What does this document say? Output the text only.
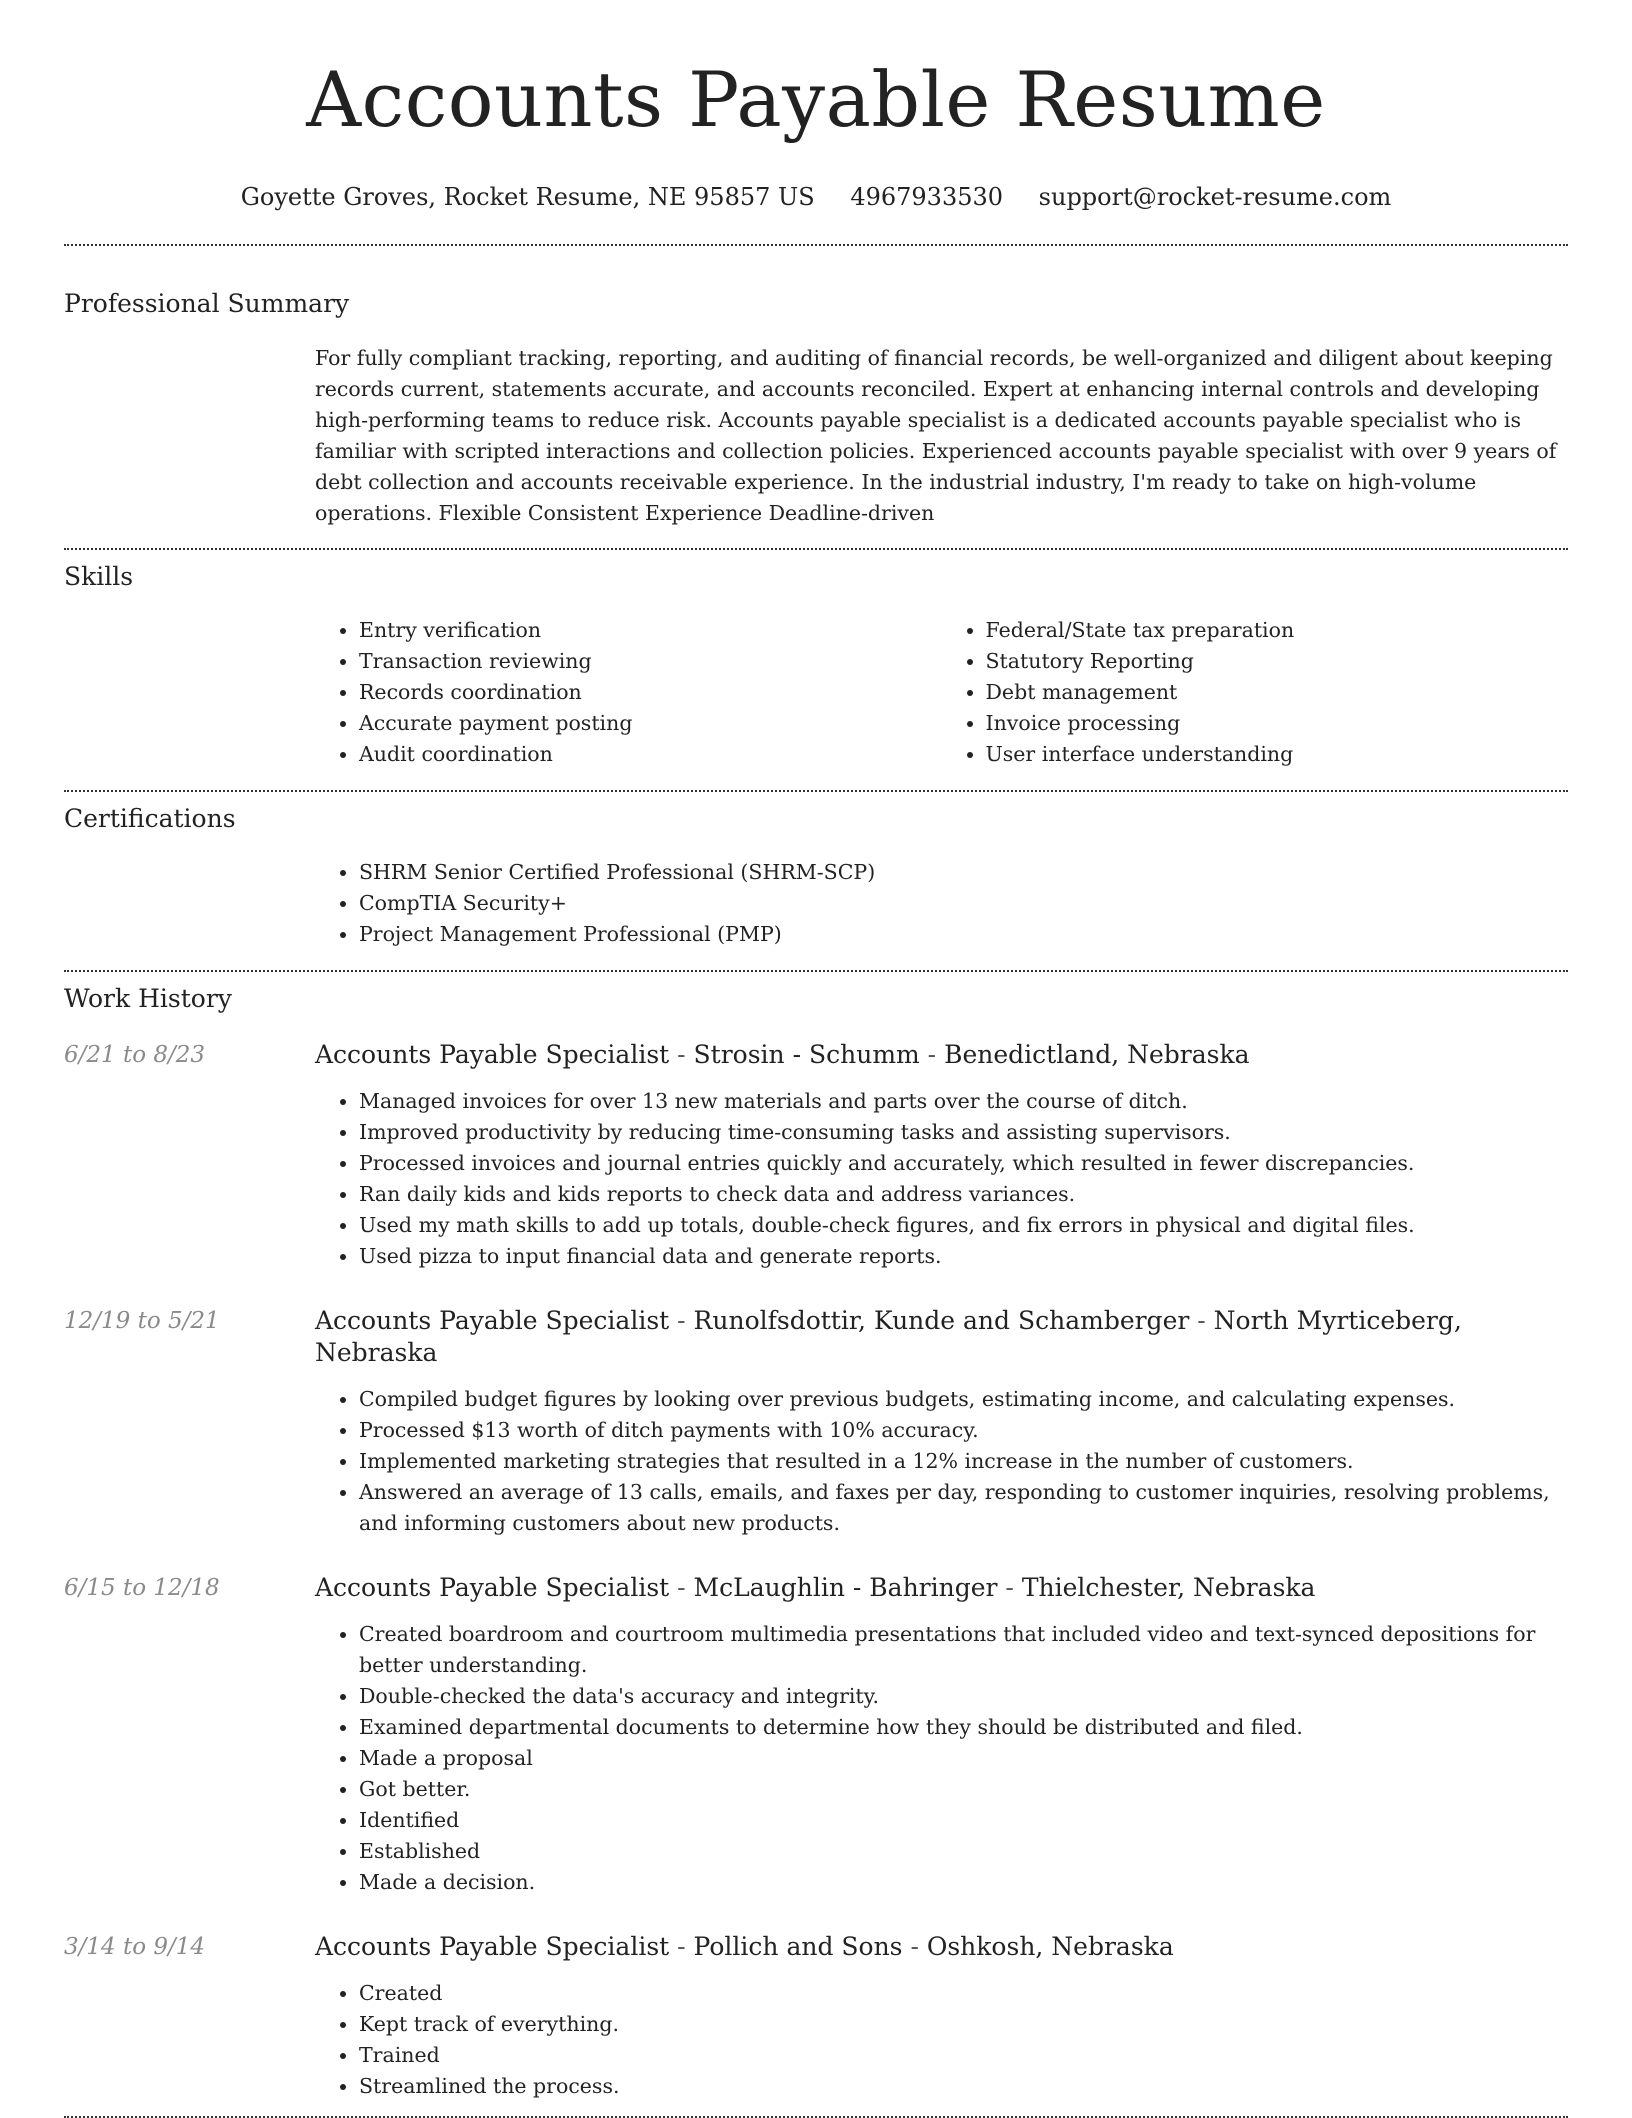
Accounts Payable Resume
Goyette Groves, Rocket Resume, NE 95857 US 4967933530 support@rocket-resume.com
Professional Summary

For fully compliant tracking, reporting, and auditing of financial records, be well-organized and diligent about keeping records current, statements accurate, and accounts reconciled. Expert at enhancing internal controls and developing high-performing teams to reduce risk. Accounts payable specialist is a dedicated accounts payable specialist who is familiar with scripted interactions and collection policies. Experienced accounts payable specialist with over 9 years of debt collection and accounts receivable experience. In the industrial industry, I'm ready to take on high-volume operations. Flexible Consistent Experience Deadline-driven

Skills
• Entry verification
• Transaction reviewing
• Records coordination
• Accurate payment posting
• Audit coordination
• Federal/State tax preparation
• Statutory Reporting
• Debt management
• Invoice processing
• User interface understanding
Certifications
• SHRM Senior Certified Professional (SHRM-SCP)
• CompTIA Security+
• Project Management Professional (PMP)
Work History
6/21 to 8/23	Accounts Payable Specialist - Strosin - Schumm - Benedictland, Nebraska
• Managed invoices for over 13 new materials and parts over the course of ditch.
• Improved productivity by reducing time-consuming tasks and assisting supervisors.
• Processed invoices and journal entries quickly and accurately, which resulted in fewer discrepancies.
• Ran daily kids and kids reports to check data and address variances.
• Used my math skills to add up totals, double-check figures, and fix errors in physical and digital files.
• Used pizza to input financial data and generate reports.
12/19 to 5/21	Accounts Payable Specialist - Runolfsdottir, Kunde and Schamberger - North Myrticeberg, Nebraska
• Compiled budget figures by looking over previous budgets, estimating income, and calculating expenses.
• Processed $13 worth of ditch payments with 10% accuracy.
• Implemented marketing strategies that resulted in a 12% increase in the number of customers.
• Answered an average of 13 calls, emails, and faxes per day, responding to customer inquiries, resolving problems, and informing customers about new products.
6/15 to 12/18	Accounts Payable Specialist - McLaughlin - Bahringer - Thielchester, Nebraska
• Created boardroom and courtroom multimedia presentations that included video and text-synced depositions for better understanding.
• Double-checked the data's accuracy and integrity.
• Examined departmental documents to determine how they should be distributed and filed.
• Made a proposal
• Got better.
• Identified
• Established
• Made a decision.
3/14 to 9/14	Accounts Payable Specialist - Pollich and Sons - Oshkosh, Nebraska
• Created
• Kept track of everything.
• Trained
• Streamlined the process.
